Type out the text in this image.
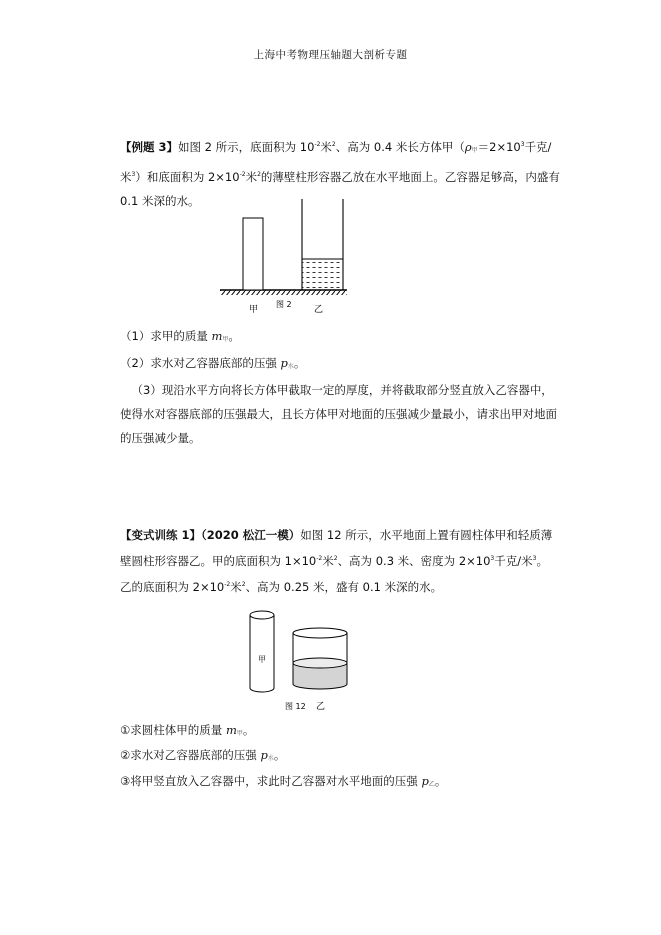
上海中考物理压轴题大剖析专题
【例题 3】如图 2 所示，底面积为 $10^{-2}$米$^2$、高为 0.4 米长方体甲（$\rho_甲=2\times 10^3$千克/米$^3$）和底面积为 $2\times 10^{-2}$米$^2$的薄壁柱形容器乙放在水平地面上。乙容器足够高，内盛有 0.1 米深的水。
甲
图 2
乙
（1）求甲的质量 $m_甲$。
（2）求水对乙容器底部的压强 $p_水$。
（3）现沿水平方向将长方体甲截取一定的厚度，并将截取部分竖直放入乙容器中，使得水对容器底部的压强最大，且长方体甲对地面的压强减少量最小，请求出甲对地面的压强减少量。
【变式训练 1】（2020 松江一模）如图 12 所示，水平地面上置有圆柱体甲和轻质薄壁圆柱形容器乙。甲的底面积为 $1\times 10^{-2}$米$^2$、高为 0.3 米、密度为 $2\times 10^3$千克/米$^3$。 乙的底面积为 $2\times 10^{-2}$米$^2$、高为 0.25 米，盛有 0.1 米深的水。
甲
图 12 乙
①求圆柱体甲的质量 $m_甲$。
②求水对乙容器底部的压强 $p_水$。
③将甲竖直放入乙容器中，求此时乙容器对水平地面的压强 $p_乙$。
